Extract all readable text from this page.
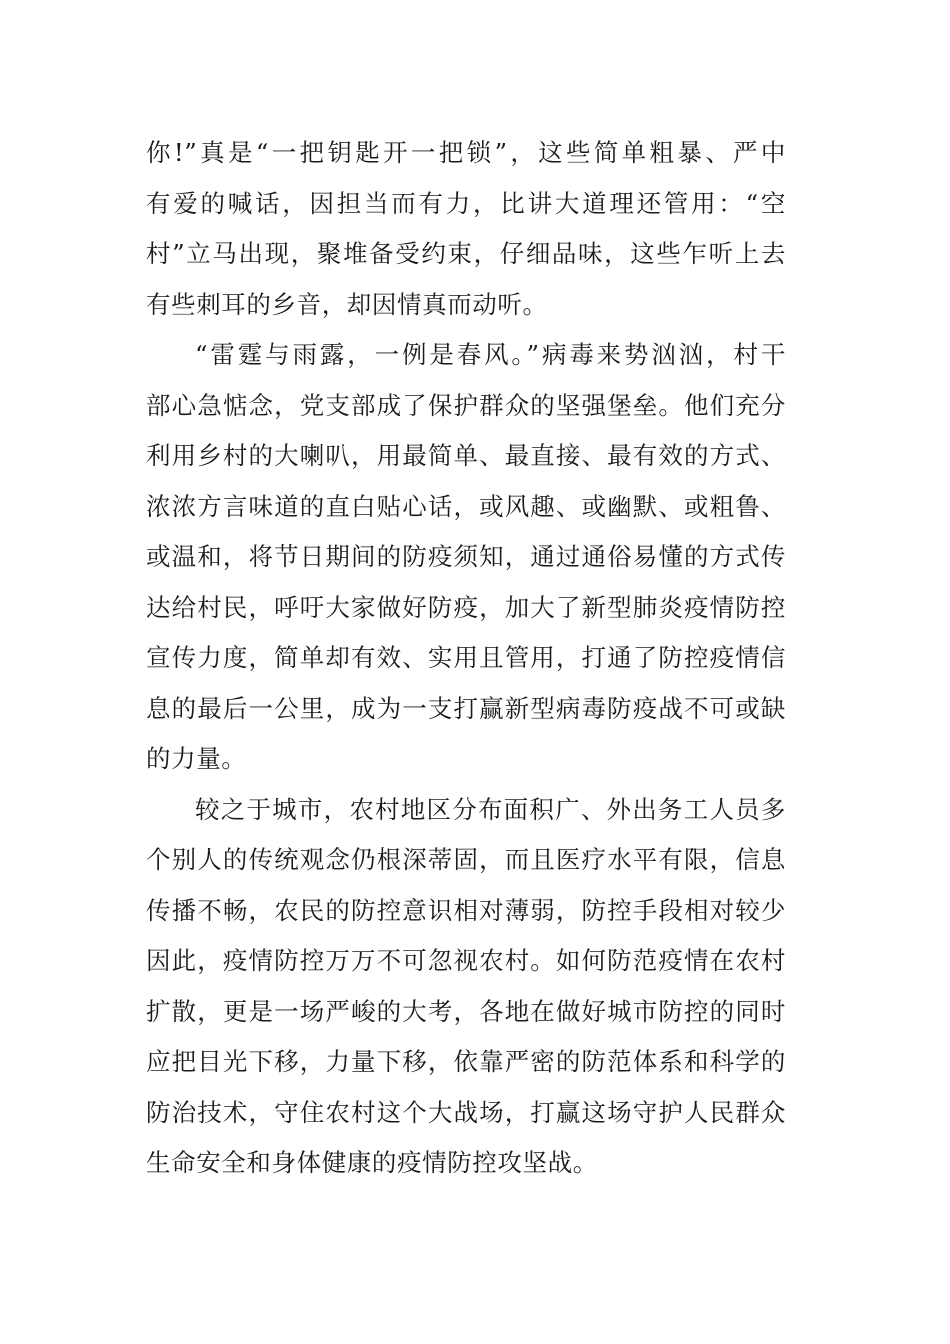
你!”真是“一把钥匙开一把锁”，这些简单粗暴、严中
有爱的喊话，因担当而有力，比讲大道理还管用：“空
村”立马出现，聚堆备受约束，仔细品味，这些乍听上去
有些刺耳的乡音，却因情真而动听。
“雷霆与雨露，一例是春风。”病毒来势汹汹，村干
部心急惦念，党支部成了保护群众的坚强堡垒。他们充分
利用乡村的大喇叭，用最简单、最直接、最有效的方式、
浓浓方言味道的直白贴心话，或风趣、或幽默、或粗鲁、
或温和，将节日期间的防疫须知，通过通俗易懂的方式传
达给村民，呼吁大家做好防疫，加大了新型肺炎疫情防控
宣传力度，简单却有效、实用且管用，打通了防控疫情信
息的最后一公里，成为一支打赢新型病毒防疫战不可或缺
的力量。
较之于城市，农村地区分布面积广、外出务工人员多
个别人的传统观念仍根深蒂固，而且医疗水平有限，信息
传播不畅，农民的防控意识相对薄弱，防控手段相对较少
因此，疫情防控万万不可忽视农村。如何防范疫情在农村
扩散，更是一场严峻的大考，各地在做好城市防控的同时
应把目光下移，力量下移，依靠严密的防范体系和科学的
防治技术，守住农村这个大战场，打赢这场守护人民群众
生命安全和身体健康的疫情防控攻坚战。
